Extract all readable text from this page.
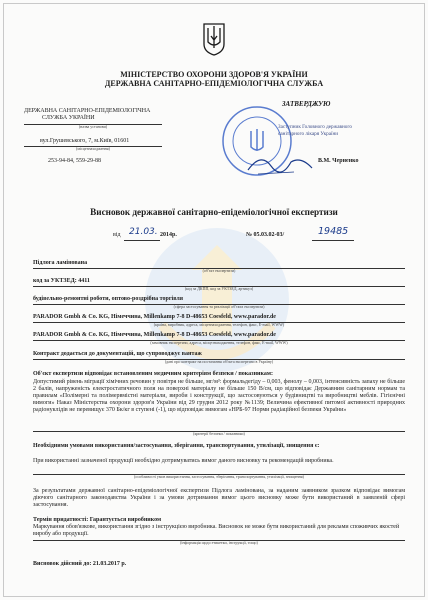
МІНІСТЕРСТВО ОХОРОНИ ЗДОРОВ'Я УКРАЇНИ
ДЕРЖАВНА САНІТАРНО-ЕПІДЕМІОЛОГІЧНА СЛУЖБА
ДЕРЖАВНА САНІТАРНО-ЕПІДЕМІОЛОГІЧНА
СЛУЖБА УКРАЇНИ
(назва установи)
вул.Грушевського, 7, м.Київ, 01601
(місцезнаходження)
253-94-84, 559-29-88
ЗАТВЕРДЖУЮ
Заступник Головного державного
санітарного лікаря України
В.М. Черненко
Висновок державної санітарно-епідеміологічної експертизи
від 21.03. 2014р.	№ 05.03.02-03/	19485
Підлога ламінована
(об'єкт експертизи)
код за УКТЗЕД: 4411
(код за ДКПП, код за УКТЗЕД, артикул)
будівельно-ремонтні роботи, оптово-роздрібна торгівля
(сфера застосування та реалізації об'єкта експертизи)
PARADOR Gmbh & Co. KG, Німеччина, Millenkamp 7-8 D-48653 Coesfeld, www.parador.de
(країна, виробник, адреса, місцезнаходження, телефон, факс, E-mail, WWW)
PARADOR Gmbh & Co. KG, Німеччина, Millenkamp 7-8 D-48653 Coesfeld, www.parador.de
(замовник експертизи, адреса, місцезнаходження, телефон, факс, E-mail, WWW)
Контракт додається до документацій, що супроводжує вантаж
(дані про контракт на постачання об'єкта експертизи в Україну)
Об'єкт експертизи відповідає встановленим медичним критеріям безпеки / показникам:
Допустимий рівень міграції хімічних речовин у повітря не більше, мг/м³: формальдегіду – 0,003, фенолу – 0,003, інтенсивність запаху не більше 2 балів, напруженість електростатичного поля на поверхні матеріалу не більше 150 В/см, що відповідає Державним санітарним нормам та правилам «Полімерні та полімервмістні матеріали, вироби і конструкції, що застосовуються у будівництві та виробництві меблів. Гігієнічні вимоги» Наказ Міністерства охорони здоров'я України від 29 грудня 2012 року №1139; Величина ефективної питомої активності природних радіонуклідів не перевищує 370 Бк/кг в ступені (-1), що відповідає вимогам «НРБ-97 Норми радіаційної безпеки України»
(критерії безпеки / показники)
Необхідними умовами використання/застосування, зберігання, транспортування, утилізації, знищення є:
При використанні зазначеної продукції необхідно дотримуватись вимог даного висновку та рекомендацій виробника.
(особливості умов використання, застосування, зберігання, транспортування, утилізації, знищення)
За результатами державної санітарно-епідеміологічної експертизи Підлога ламінована, за наданим заявником зразком відповідає вимогам діючого санітарного законодавства України і за умови дотримання вимог цього висновку може бути використаний в заявленій сфері застосування.
Термін придатності: Гарантується виробником
Маркування обов'язкове, використання згідно з інструкцією виробника. Висновок не може бути використаний для реклами споживчих якостей виробу або продукції.
(інформація щодо етикетки, інструкції, тощо)
Висновок дійсний до: 21.03.2017 р.
